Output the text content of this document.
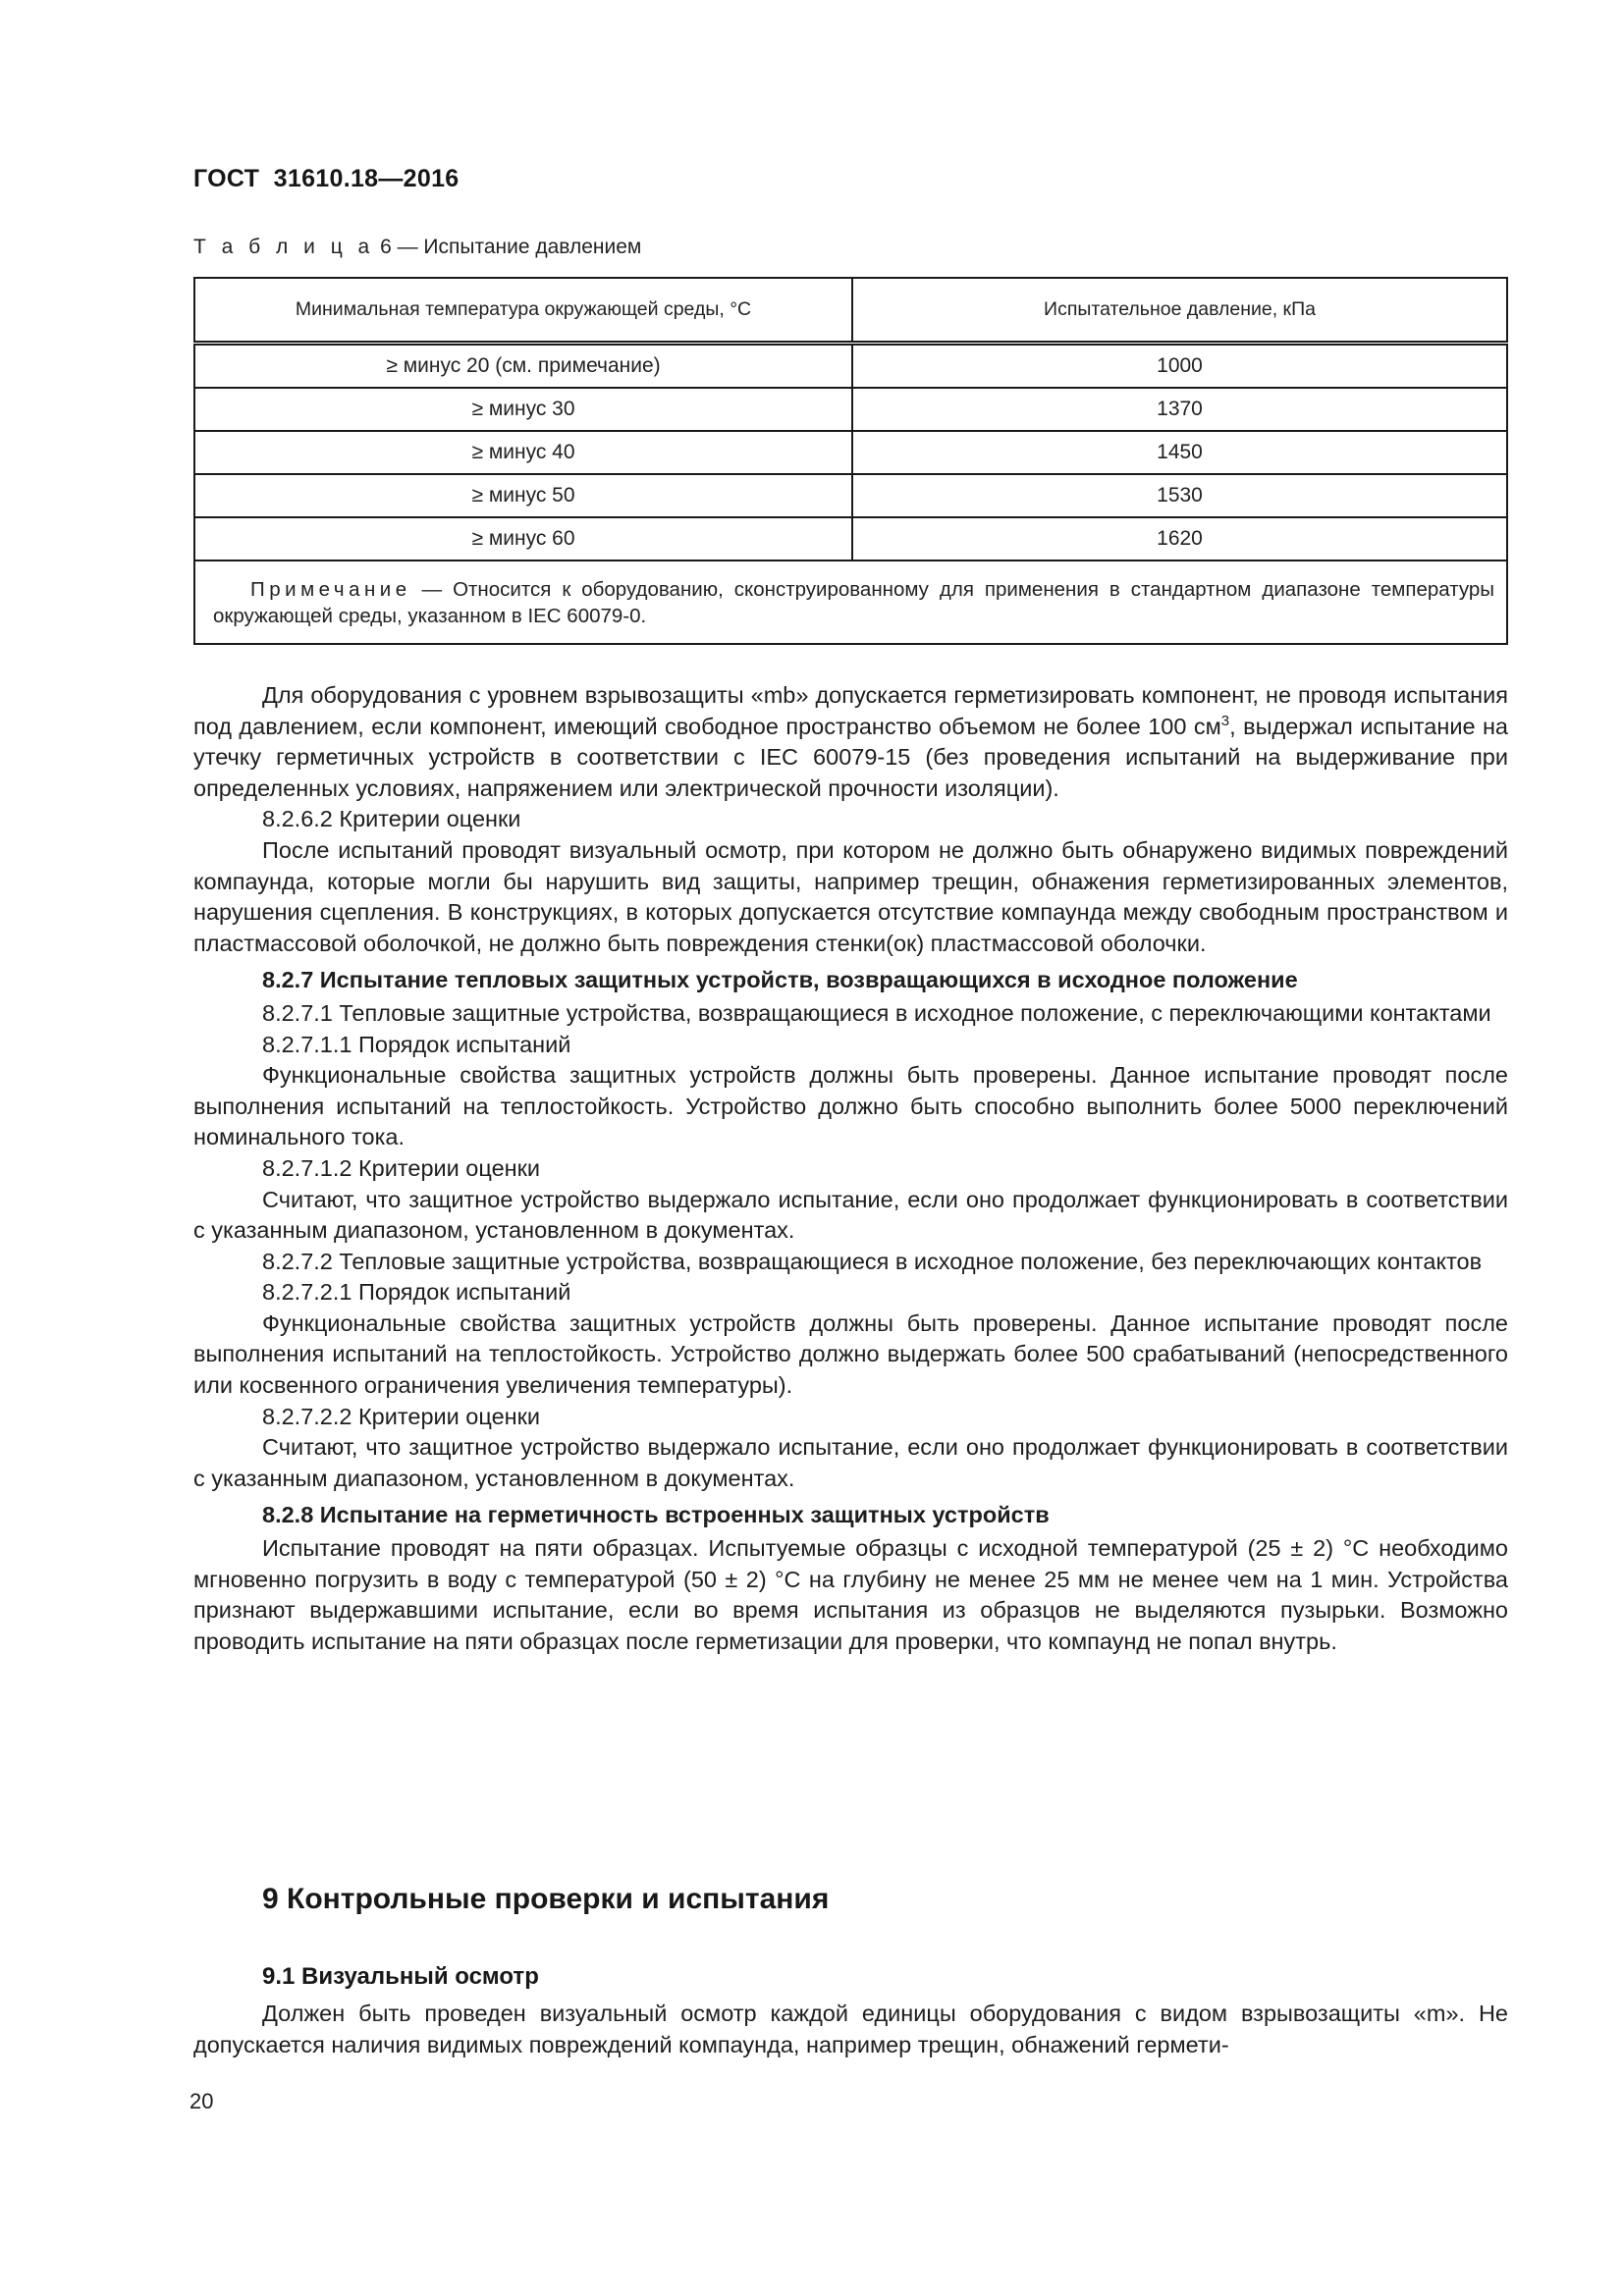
ГОСТ  31610.18—2016
Т а б л и ц а 6 — Испытание давлением
Минимальная температура окружающей среды, °С	Испытательное давление, кПа
≥ минус 20 (см. примечание)	1000
≥ минус 30	1370
≥ минус 40	1450
≥ минус 50	1530
≥ минус 60	1620
Примечание — Относится к оборудованию, сконструированному для применения в стандартном диапазоне температуры окружающей среды, указанном в IEC 60079-0.	

Для оборудования с уровнем взрывозащиты «mb» допускается герметизировать компонент, не проводя испытания под давлением, если компонент, имеющий свободное пространство объемом не более 100 $см^3$, выдержал испытание на утечку герметичных устройств в соответствии с IEC 60079-15 (без проведения испытаний на выдерживание при определенных условиях, напряжением или электрической прочности изоляции).

8.2.6.2 Критерии оценки

После испытаний проводят визуальный осмотр, при котором не должно быть обнаружено видимых повреждений компаунда, которые могли бы нарушить вид защиты, например трещин, обнажения герметизированных элементов, нарушения сцепления. В конструкциях, в которых допускается отсутствие компаунда между свободным пространством и пластмассовой оболочкой, не должно быть повреждения стенки(ок) пластмассовой оболочки.

8.2.7 Испытание тепловых защитных устройств, возвращающихся в исходное положение

8.2.7.1 Тепловые защитные устройства, возвращающиеся в исходное положение, с переключающими контактами

8.2.7.1.1 Порядок испытаний

Функциональные свойства защитных устройств должны быть проверены. Данное испытание проводят после выполнения испытаний на теплостойкость. Устройство должно быть способно выполнить более 5000 переключений номинального тока.

8.2.7.1.2 Критерии оценки

Считают, что защитное устройство выдержало испытание, если оно продолжает функционировать в соответствии с указанным диапазоном, установленном в документах.

8.2.7.2 Тепловые защитные устройства, возвращающиеся в исходное положение, без переключающих контактов

8.2.7.2.1 Порядок испытаний

Функциональные свойства защитных устройств должны быть проверены. Данное испытание проводят после выполнения испытаний на теплостойкость. Устройство должно выдержать более 500 срабатываний (непосредственного или косвенного ограничения увеличения температуры).

8.2.7.2.2 Критерии оценки

Считают, что защитное устройство выдержало испытание, если оно продолжает функционировать в соответствии с указанным диапазоном, установленном в документах.

8.2.8 Испытание на герметичность встроенных защитных устройств

Испытание проводят на пяти образцах. Испытуемые образцы с исходной температурой (25 ± 2) °С необходимо мгновенно погрузить в воду с температурой (50 ± 2) °С на глубину не менее 25 мм не менее чем на 1 мин. Устройства признают выдержавшими испытание, если во время испытания из образцов не выделяются пузырьки. Возможно проводить испытание на пяти образцах после герметизации для проверки, что компаунд не попал внутрь.

9 Контрольные проверки и испытания
9.1 Визуальный осмотр

Должен быть проведен визуальный осмотр каждой единицы оборудования с видом взрывозащиты «m». Не допускается наличия видимых повреждений компаунда, например трещин, обнажений гермети-

20
